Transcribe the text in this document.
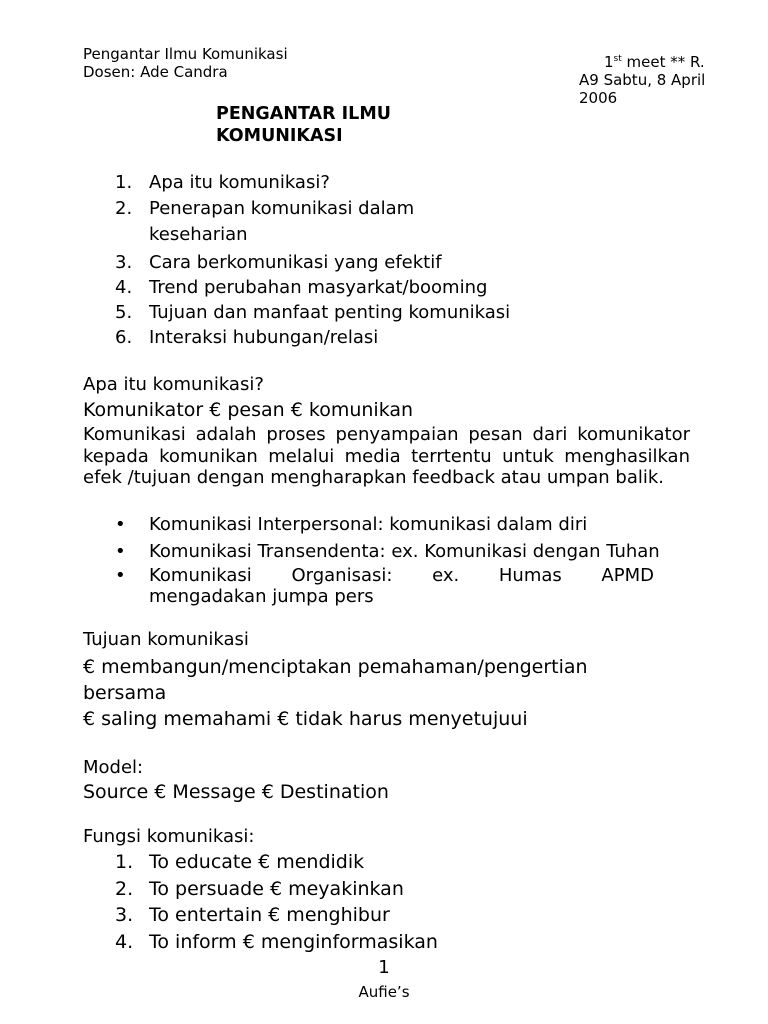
Pengantar Ilmu Komunikasi
Dosen: Ade Candra
1st meet ** R.
A9 Sabtu, 8 April
2006
PENGANTAR ILMU
KOMUNIKASI
1. Apa itu komunikasi?
2. Penerapan komunikasi dalam
keseharian
3. Cara berkomunikasi yang efektif
4. Trend perubahan masyarkat/booming
5. Tujuan dan manfaat penting komunikasi
6. Interaksi hubungan/relasi
Apa itu komunikasi?
Komunikator € pesan € komunikan
Komunikasi adalah proses penyampaian pesan dari komunikator kepada komunikan melalui media terrtentu untuk menghasilkan efek /tujuan dengan mengharapkan feedback atau umpan balik.
• Komunikasi Interpersonal: komunikasi dalam diri
• Komunikasi Transendenta: ex. Komunikasi dengan Tuhan
• Komunikasi Organisasi: ex. Humas APMD
mengadakan jumpa pers
Tujuan komunikasi
€ membangun/menciptakan pemahaman/pengertian
bersama
€ saling memahami € tidak harus menyetujuui
Model:
Source € Message € Destination
Fungsi komunikasi:
1. To educate € mendidik
2. To persuade € meyakinkan
3. To entertain € menghibur
4. To inform € menginformasikan
1
Aufie’s
